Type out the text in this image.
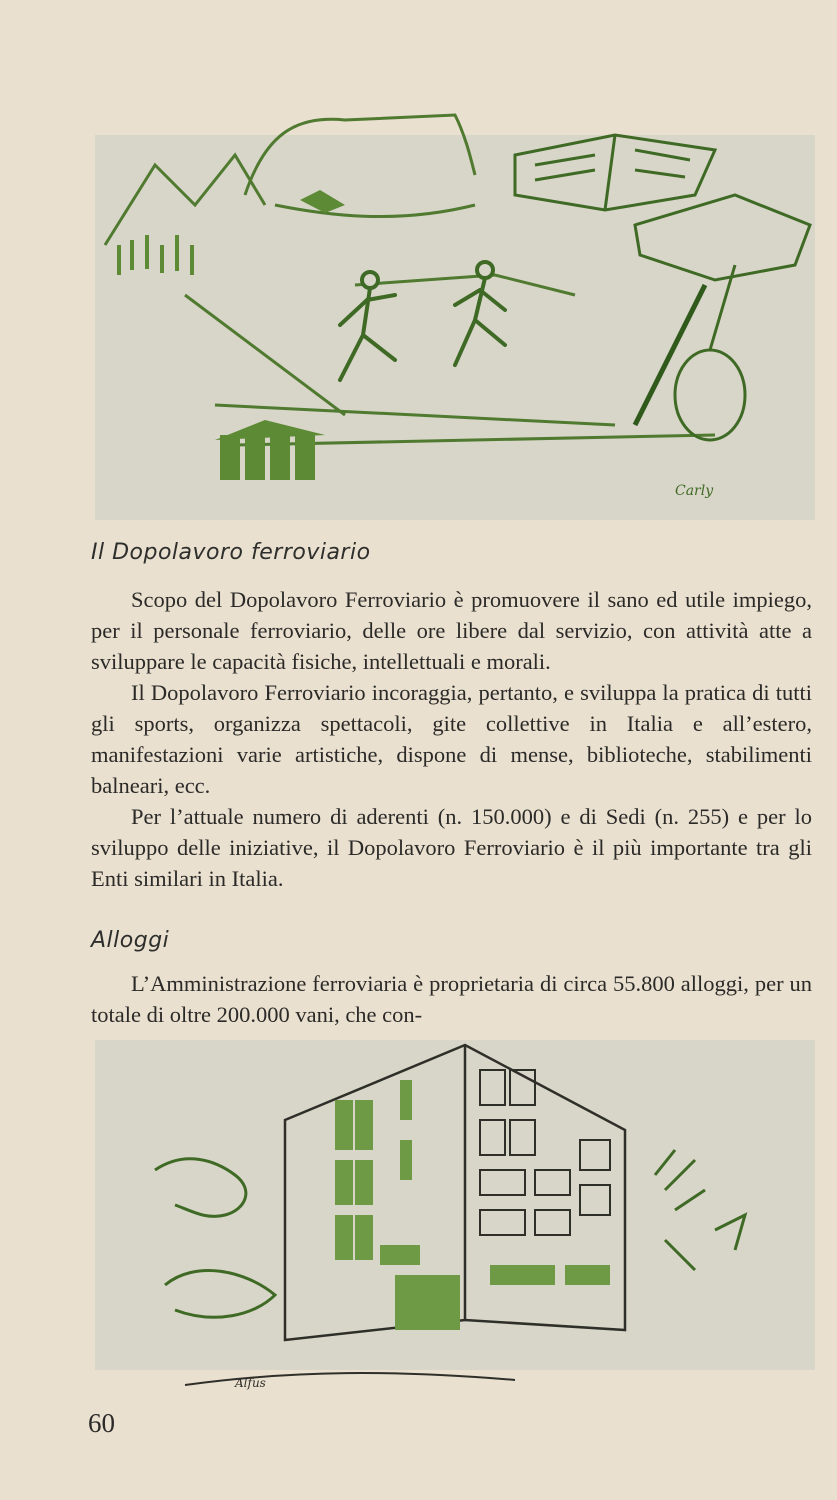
Carly
Il Dopolavoro ferroviario

Scopo del Dopolavoro Ferroviario è promuovere il sano ed utile impiego, per il personale ferroviario, delle ore libere dal servizio, con attività atte a sviluppare le capacità fisiche, intellettuali e morali.

Il Dopolavoro Ferroviario incoraggia, pertanto, e sviluppa la pratica di tutti gli sports, organizza spettacoli, gite collettive in Italia e all’estero, manifestazioni varie artistiche, dispone di mense, biblioteche, stabilimenti balneari, ecc.

Per l’attuale numero di aderenti (n. 150.000) e di Sedi (n. 255) e per lo sviluppo delle iniziative, il Dopolavoro Ferroviario è il più importante tra gli Enti similari in Italia.

Alloggi

L’Amministrazione ferroviaria è proprietaria di circa 55.800 alloggi, per un totale di oltre 200.000 vani, che con-

Alfus

60
